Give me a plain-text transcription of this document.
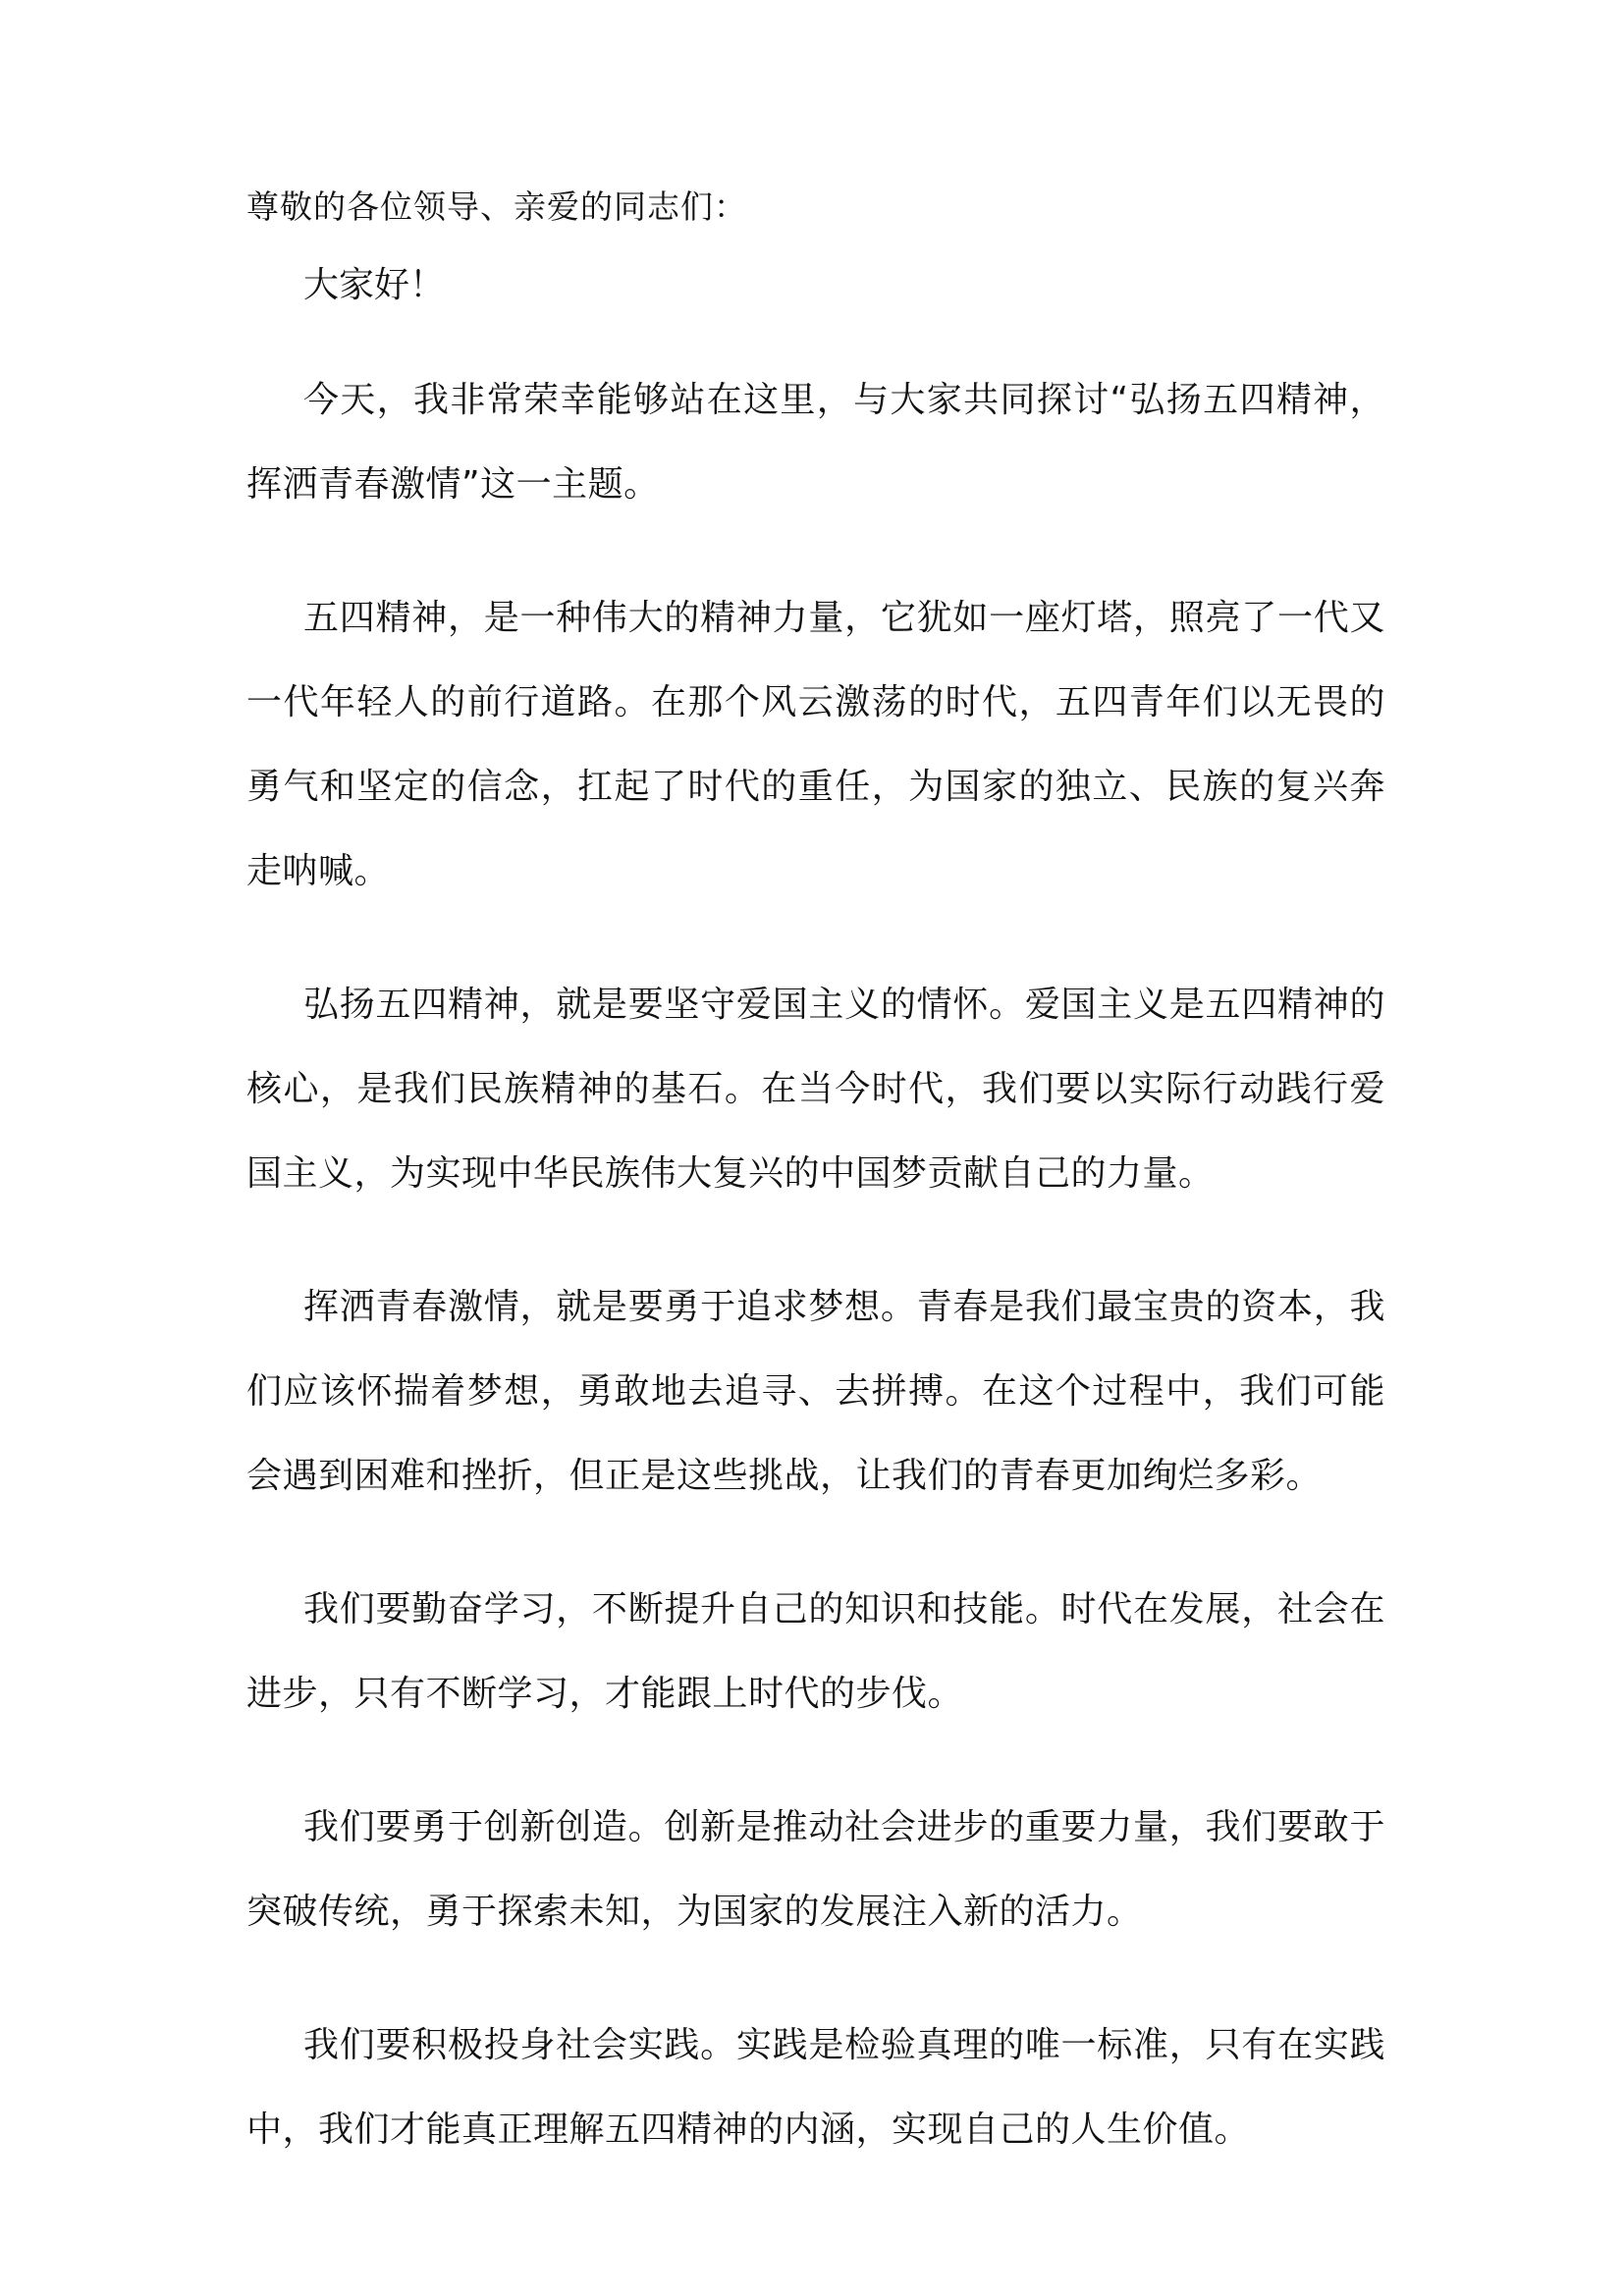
尊敬的各位领导、亲爱的同志们：

大家好！

今天，我非常荣幸能够站在这里，与大家共同探讨“弘扬五四精神，挥洒青春激情”这一主题。

五四精神，是一种伟大的精神力量，它犹如一座灯塔，照亮了一代又一代年轻人的前行道路。在那个风云激荡的时代，五四青年们以无畏的勇气和坚定的信念，扛起了时代的重任，为国家的独立、民族的复兴奔走呐喊。

弘扬五四精神，就是要坚守爱国主义的情怀。爱国主义是五四精神的核心，是我们民族精神的基石。在当今时代，我们要以实际行动践行爱国主义，为实现中华民族伟大复兴的中国梦贡献自己的力量。

挥洒青春激情，就是要勇于追求梦想。青春是我们最宝贵的资本，我们应该怀揣着梦想，勇敢地去追寻、去拼搏。在这个过程中，我们可能会遇到困难和挫折，但正是这些挑战，让我们的青春更加绚烂多彩。

我们要勤奋学习，不断提升自己的知识和技能。时代在发展，社会在进步，只有不断学习，才能跟上时代的步伐。

我们要勇于创新创造。创新是推动社会进步的重要力量，我们要敢于突破传统，勇于探索未知，为国家的发展注入新的活力。

我们要积极投身社会实践。实践是检验真理的唯一标准，只有在实践中，我们才能真正理解五四精神的内涵，实现自己的人生价值。
